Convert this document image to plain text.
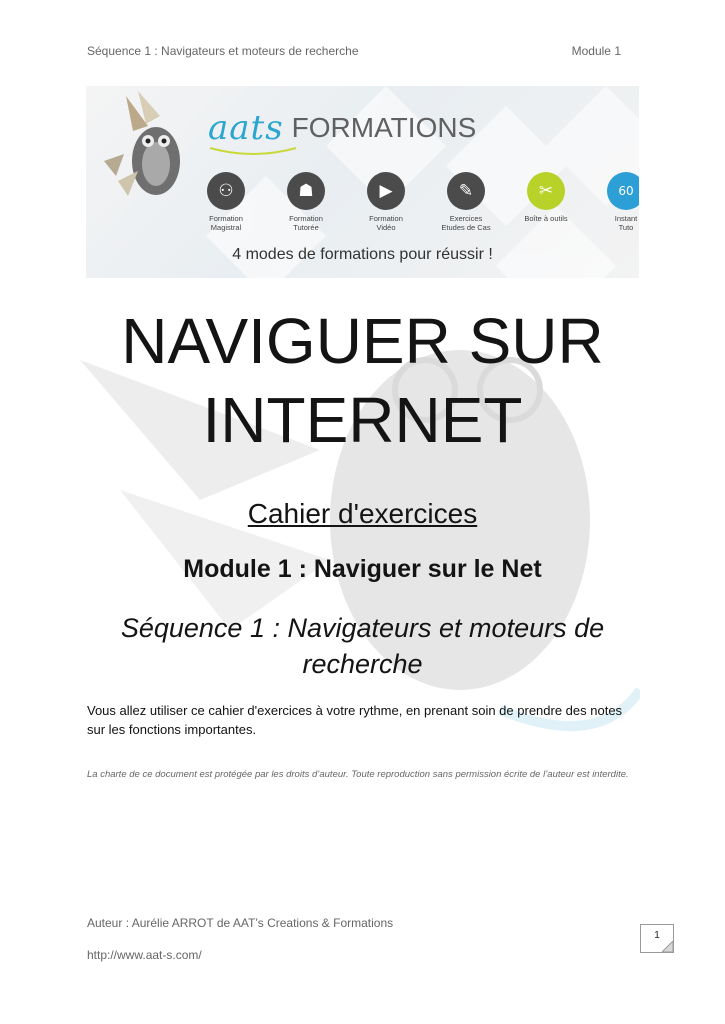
Séquence 1 : Navigateurs et moteurs de recherche	Module 1
aats FORMATIONS
⚇
Formation
Magistral
☗
Formation
Tutorée
▶
Formation
Vidéo
✎
Exercices
Etudes de Cas
✂
Boîte à outils
60
Instant
Tuto
4 modes de formations pour réussir !
NAVIGUER SUR
INTERNET
Cahier d'exercices
Module 1 : Naviguer sur le Net
Séquence 1 : Navigateurs et moteurs de
recherche
Vous allez utiliser ce cahier d'exercices à votre rythme, en prenant soin de prendre des notes sur les fonctions importantes.
La charte de ce document est protégée par les droits d’auteur. Toute reproduction sans permission écrite de l’auteur est interdite.
Auteur : Aurélie ARROT de AAT’s Creations & Formations
http://www.aat-s.com/
1
